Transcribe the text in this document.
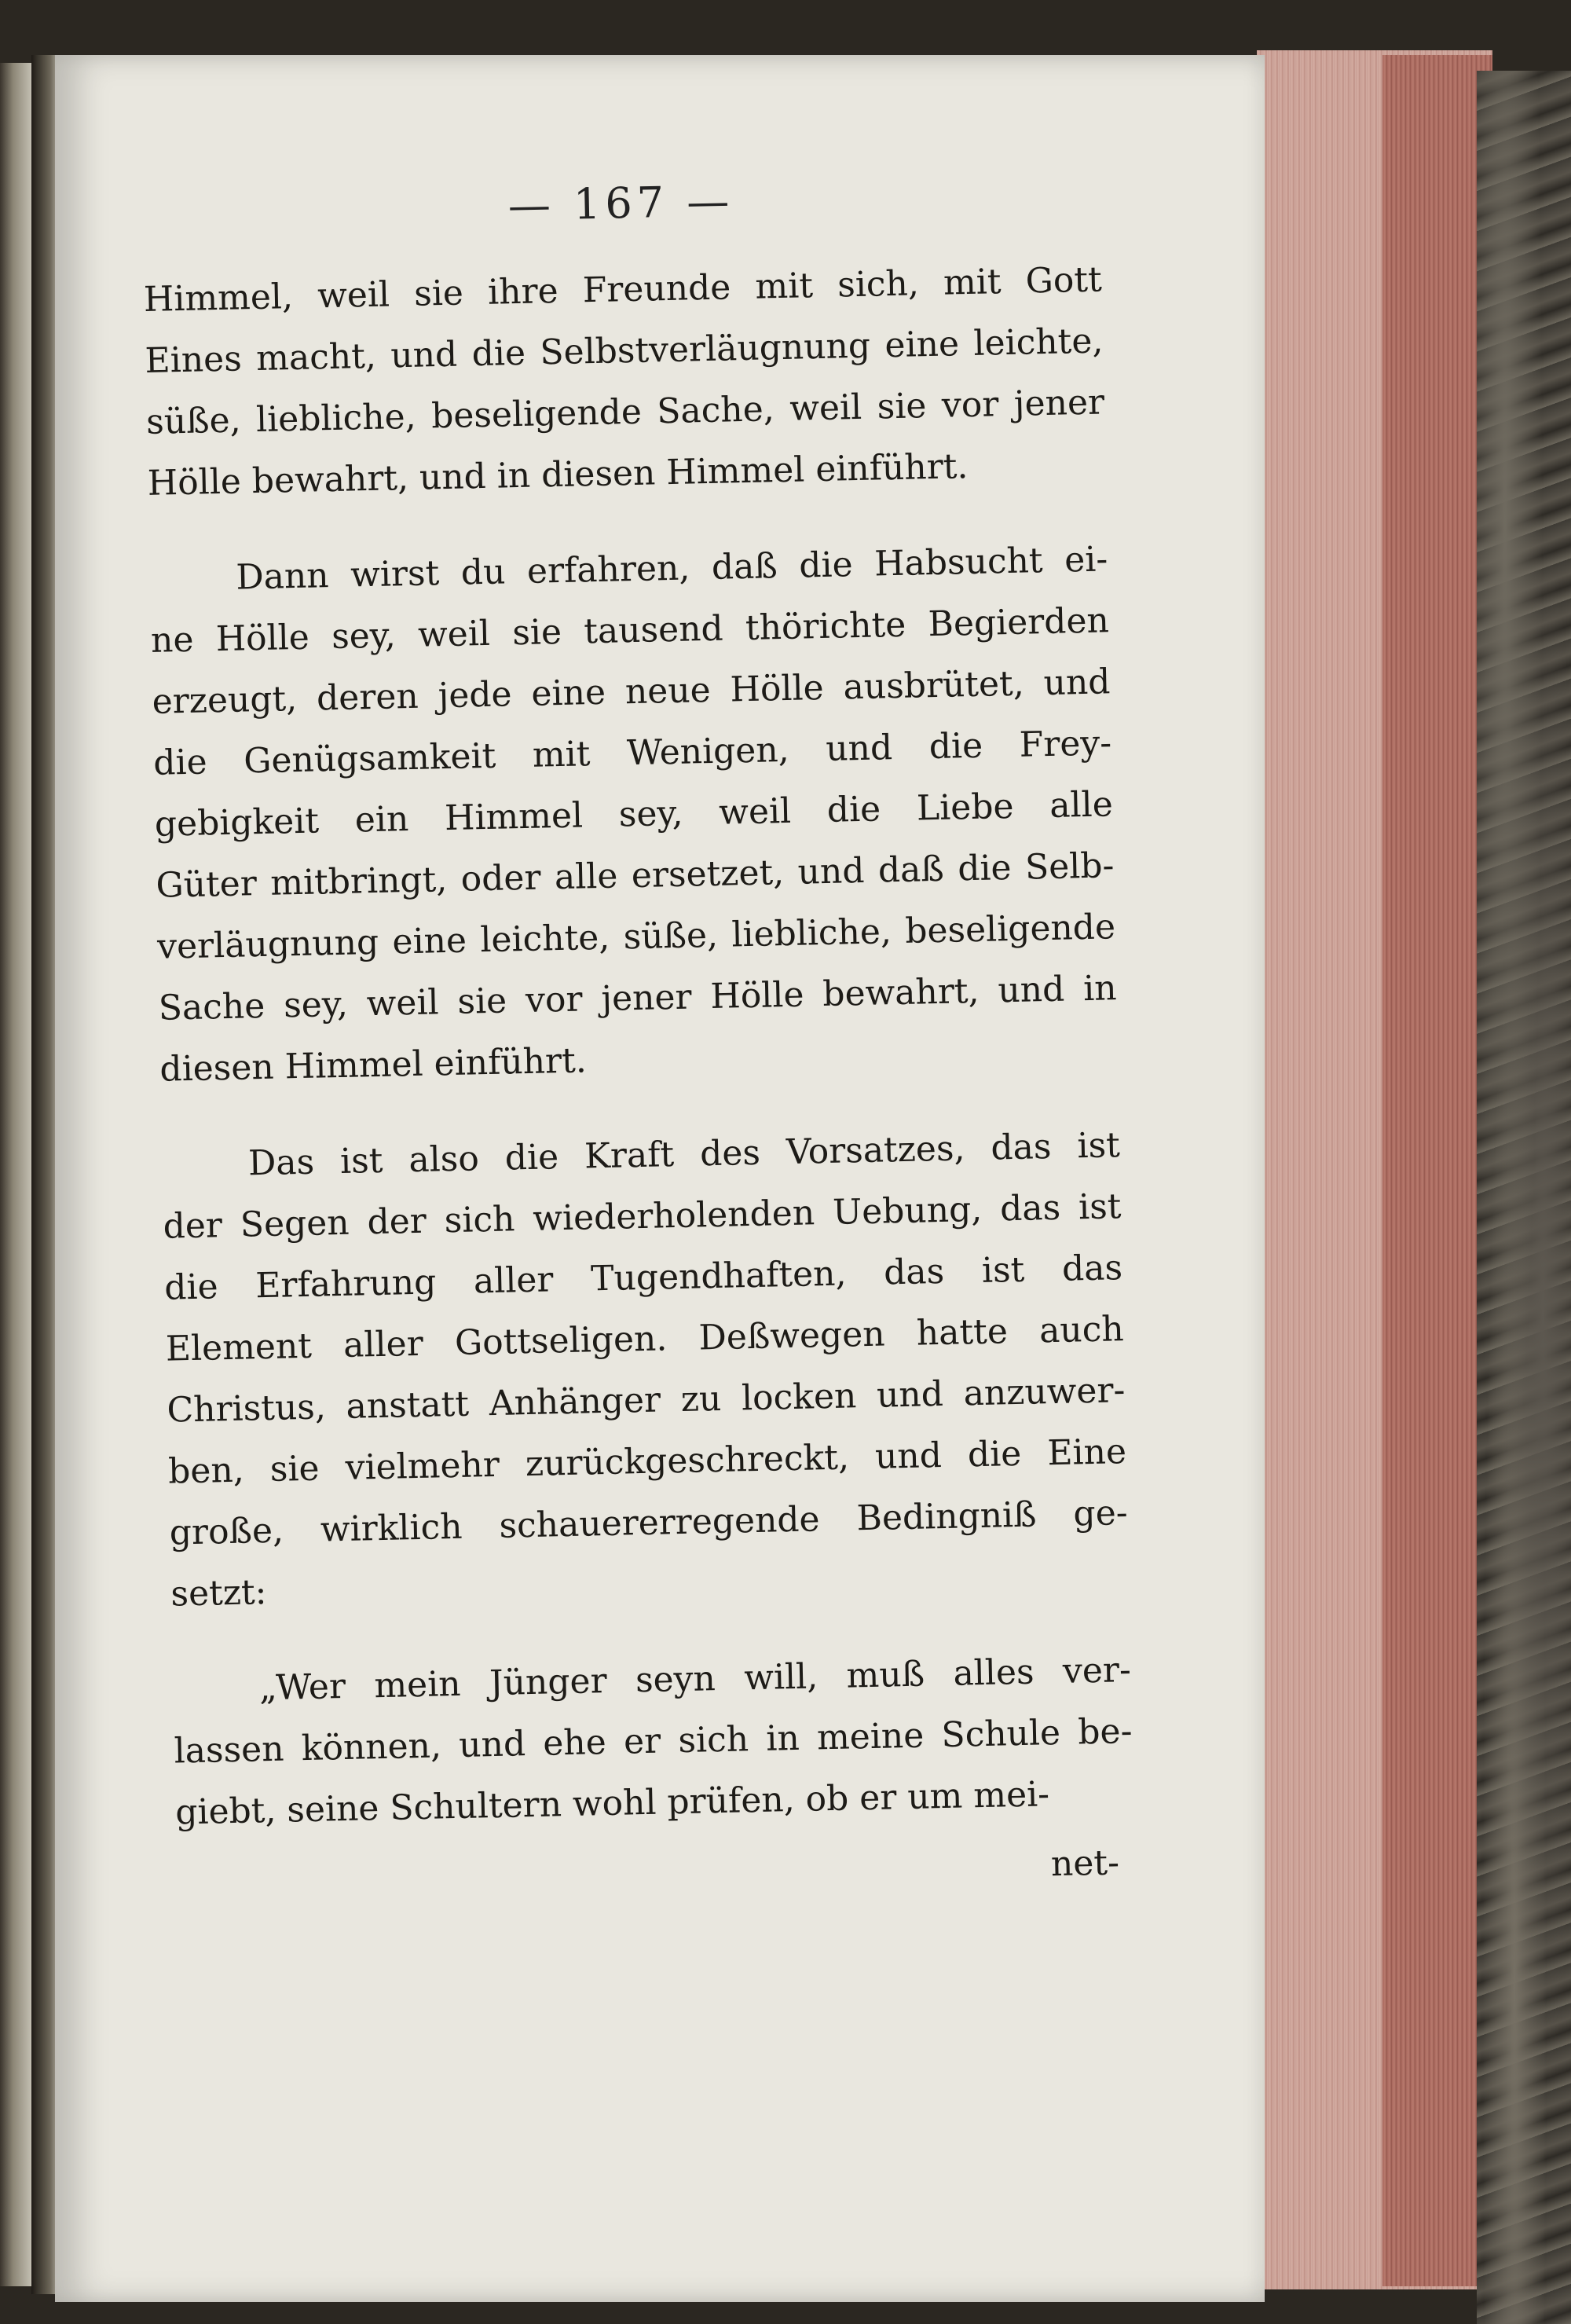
— 167 —
Himmel, weil sie ihre Freunde mit sich, mit Gott
Eines macht, und die Selbstverläugnung eine leichte,
süße, liebliche, beseligende Sache, weil sie vor jener
Hölle bewahrt, und in diesen Himmel einführt.
Dann wirst du erfahren, daß die Habsucht ei-
ne Hölle sey, weil sie tausend thörichte Begierden
erzeugt, deren jede eine neue Hölle ausbrütet, und
die Genügsamkeit mit Wenigen, und die Frey-
gebigkeit ein Himmel sey, weil die Liebe alle
Güter mitbringt, oder alle ersetzet, und daß die Selb-
verläugnung eine leichte, süße, liebliche, beseligende
Sache sey, weil sie vor jener Hölle bewahrt, und in
diesen Himmel einführt.
Das ist also die Kraft des Vorsatzes, das ist
der Segen der sich wiederholenden Uebung, das ist
die Erfahrung aller Tugendhaften, das ist das
Element aller Gottseligen. Deßwegen hatte auch
Christus, anstatt Anhänger zu locken und anzuwer-
ben, sie vielmehr zurückgeschreckt, und die Eine
große, wirklich schauererregende Bedingniß ge-
setzt:
„Wer mein Jünger seyn will, muß alles ver-
lassen können, und ehe er sich in meine Schule be-
giebt, seine Schultern wohl prüfen, ob er um mei-
net-
